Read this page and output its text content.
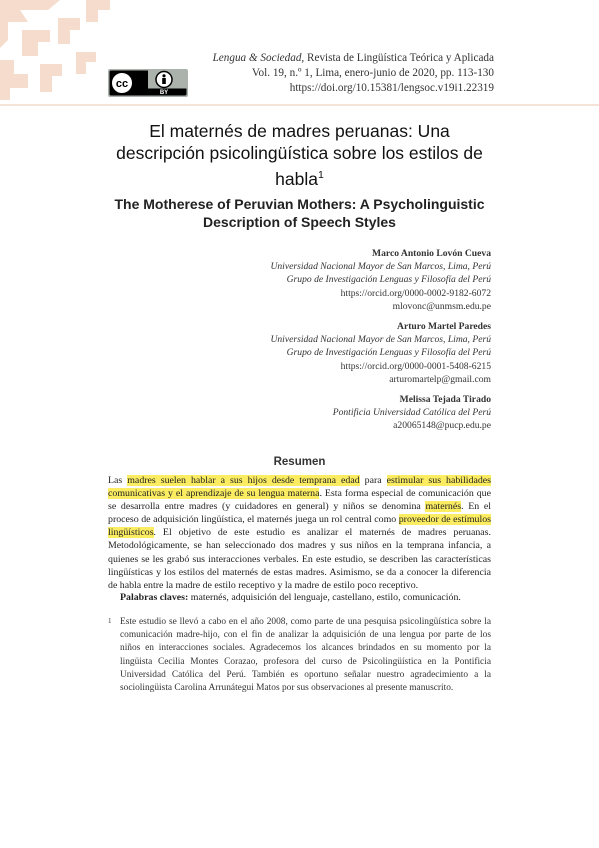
cc
BY
Lengua & Sociedad, Revista de Lingüística Teórica y Aplicada
Vol. 19, n.º 1, Lima, enero-junio de 2020, pp. 113-130
https://doi.org/10.15381/lengsoc.v19i1.22319
El maternés de madres peruanas: Una
descripción psicolingüística sobre los estilos de
habla$^1$
The Motherese of Peruvian Mothers: A Psycholinguistic
Description of Speech Styles
Marco Antonio Lovón Cueva
Universidad Nacional Mayor de San Marcos, Lima, Perú
Grupo de Investigación Lenguas y Filosofía del Perú
https://orcid.org/0000-0002-9182-6072
mlovonc@unmsm.edu.pe
Arturo Martel Paredes
Universidad Nacional Mayor de San Marcos, Lima, Perú
Grupo de Investigación Lenguas y Filosofía del Perú
https://orcid.org/0000-0001-5408-6215
arturomartelp@gmail.com
Melissa Tejada Tirado
Pontificia Universidad Católica del Perú
a20065148@pucp.edu.pe
Resumen

Las madres suelen hablar a sus hijos desde temprana edad para estimular sus habilidades comunicativas y el aprendizaje de su lengua materna. Esta forma especial de comunicación que se desarrolla entre madres (y cuidadores en general) y niños se denomina maternés. En el proceso de adquisición lingüística, el maternés juega un rol central como proveedor de estímulos lingüísticos. El objetivo de este estudio es analizar el maternés de madres peruanas. Metodológicamente, se han seleccionado dos madres y sus niños en la temprana infancia, a quienes se les grabó sus interacciones verbales. En este estudio, se describen las características lingüísticas y los estilos del maternés de estas madres. Asimismo, se da a conocer la diferencia de habla entre la madre de estilo receptivo y la madre de estilo poco receptivo.

Palabras claves: maternés, adquisición del lenguaje, castellano, estilo, comunicación.
1 Este estudio se llevó a cabo en el año 2008, como parte de una pesquisa psicolingüística sobre la comunicación madre-hijo, con el fin de analizar la adquisición de una lengua por parte de los niños en interacciones sociales. Agradecemos los alcances brindados en su momento por la lingüista Cecilia Montes Corazao, profesora del curso de Psicolingüística en la Pontificia Universidad Católica del Perú. También es oportuno señalar nuestro agradecimiento a la sociolingüista Carolina Arrunátegui Matos por sus observaciones al presente manuscrito.
